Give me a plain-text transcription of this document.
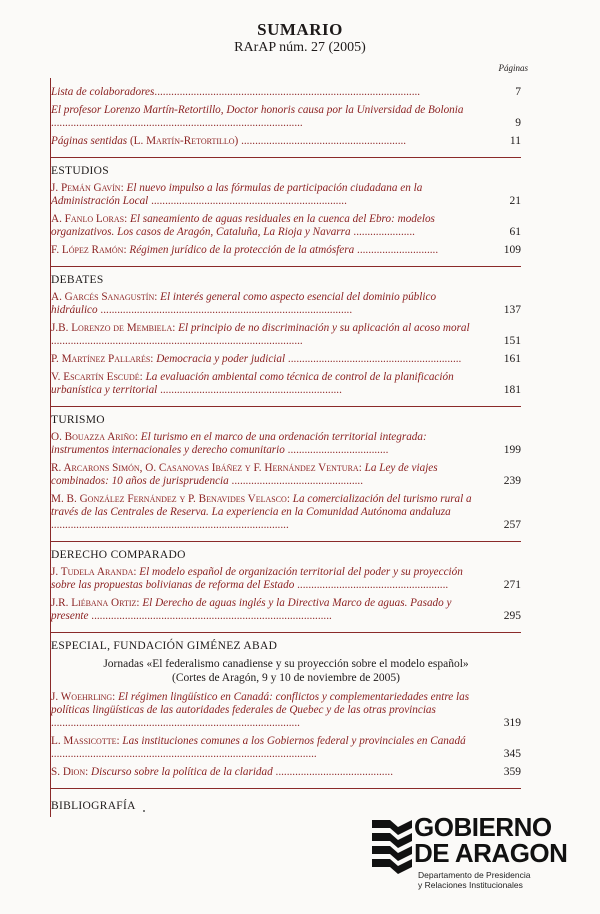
SUMARIO
RArAP núm. 27 (2005)
Páginas
Lista de colaboradores...............................................................................................	7
El profesor Lorenzo Martín-Retortillo, Doctor honoris causa por la Universidad de Bolonia ..........................................................................................	9
Páginas sentidas (L. Martín-Retortillo) ...........................................................	11
ESTUDIOS
J. Pemán Gavín: El nuevo impulso a las fórmulas de participación ciudadana en la Administración Local ......................................................................	21
A. Fanlo Loras: El saneamiento de aguas residuales en la cuenca del Ebro: modelos organizativos. Los casos de Aragón, Cataluña, La Rioja y Navarra ......................	61
F. López Ramón: Régimen jurídico de la protección de la atmósfera .............................	109
DEBATES
A. Garcés Sanagustín: El interés general como aspecto esencial del dominio público hidráulico ..........................................................................................	137
J.B. Lorenzo de Membiela: El principio de no discriminación y su aplicación al acoso moral ..........................................................................................	151
P. Martínez Pallarés: Democracia y poder judicial ..............................................................	161
V. Escartín Escudé: La evaluación ambiental como técnica de control de la planificación urbanística y territorial .................................................................	181
TURISMO
O. Bouazza Ariño: El turismo en el marco de una ordenación territorial integrada: instrumentos internacionales y derecho comunitario ....................................	199
R. Arcarons Simón, O. Casanovas Ibáñez y F. Hernández Ventura: La Ley de viajes combinados: 10 años de jurisprudencia ...............................................	239
M. B. González Fernández y P. Benavides Velasco: La comercialización del turismo rural a través de las Centrales de Reserva. La experiencia en la Comunidad Autónoma andaluza .....................................................................................	257
DERECHO COMPARADO
J. Tudela Aranda: El modelo español de organización territorial del poder y su proyección sobre las propuestas bolivianas de reforma del Estado ......................................................	271
J.R. Liébana Ortiz: El Derecho de aguas inglés y la Directiva Marco de aguas. Pasado y presente ......................................................................................	295
ESPECIAL, FUNDACIÓN GIMÉNEZ ABAD
Jornadas «El federalismo canadiense y su proyección sobre el modelo español»
(Cortes de Aragón, 9 y 10 de noviembre de 2005)
J. Woehrling: El régimen lingüístico en Canadá: conflictos y complementariedades entre las políticas lingüísticas de las autoridades federales de Quebec y de las otras provincias .........................................................................................	319
L. Massicotte: Las instituciones comunes a los Gobiernos federal y provinciales en Canadá ...............................................................................................	345
S. Dion: Discurso sobre la política de la claridad ..........................................	359
BIBLIOGRAFÍA
GOBIERNO
DE ARAGON
Departamento de Presidencia
y Relaciones Institucionales
